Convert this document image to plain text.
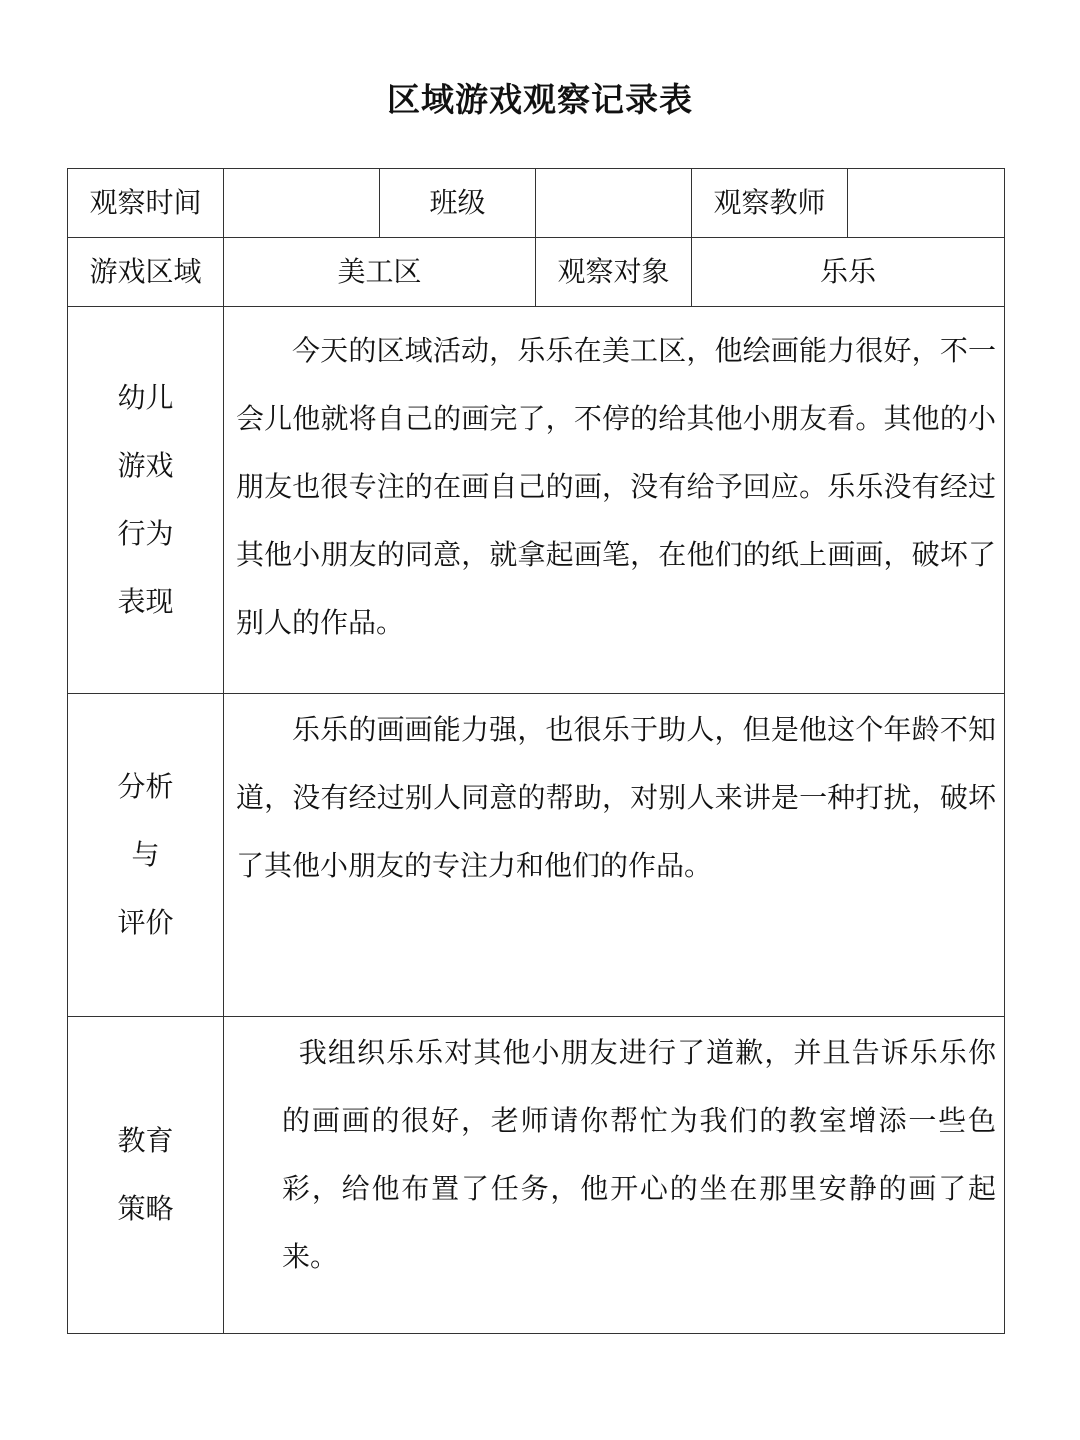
区域游戏观察记录表
观察时间		班级		观察教师	
游戏区域	美工区		观察对象	乐乐	

幼儿
游戏
行为
表现	今天的区域活动，乐乐在美工区，他绘画能力很好，不一会儿他就将自己的画完了，不停的给其他小朋友看。其他的小朋友也很专注的在画自己的画，没有给予回应。乐乐没有经过其他小朋友的同意，就拿起画笔，在他们的纸上画画，破坏了别人的作品。				

分析
与
评价	乐乐的画画能力强，也很乐于助人，但是他这个年龄不知道，没有经过别人同意的帮助，对别人来讲是一种打扰，破坏了其他小朋友的专注力和他们的作品。				

教育
策略	我组织乐乐对其他小朋友进行了道歉，并且告诉乐乐你的画画的很好，老师请你帮忙为我们的教室增添一些色彩，给他布置了任务，他开心的坐在那里安静的画了起来。				
